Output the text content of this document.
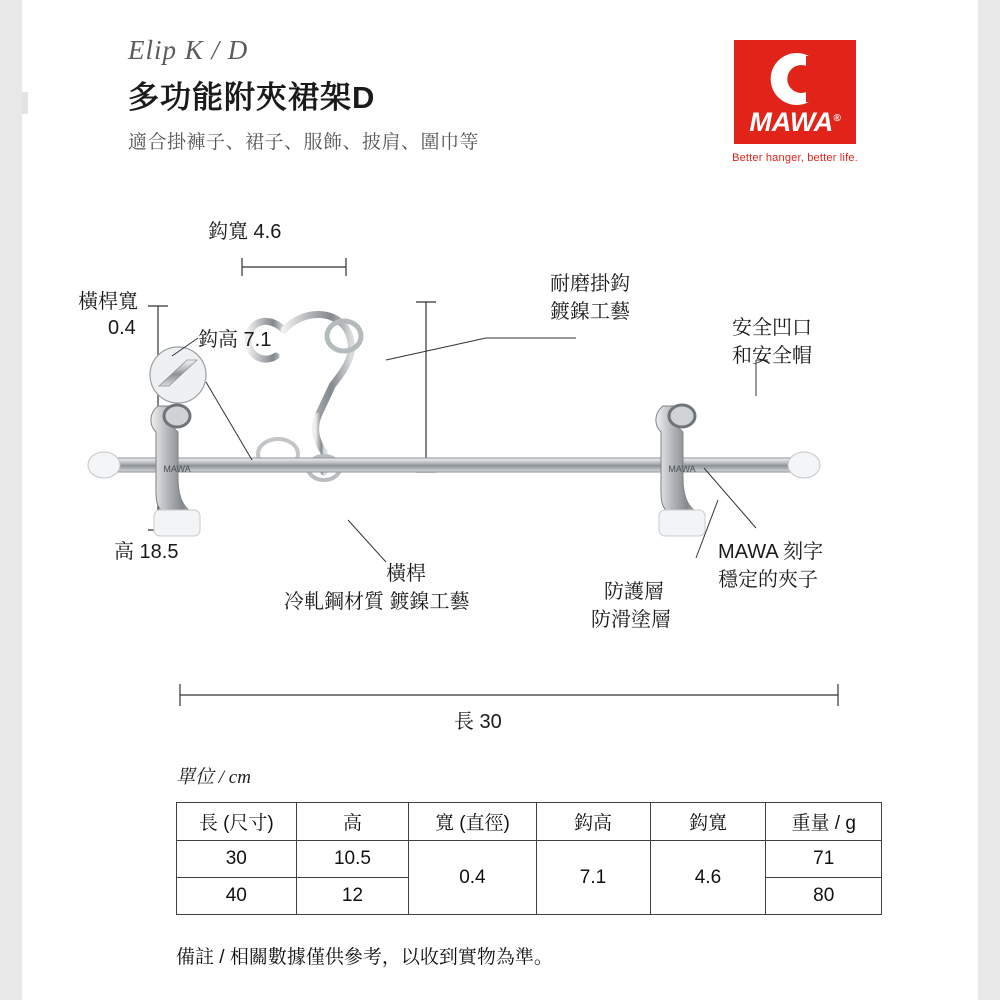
Elip K / D
多功能附夾裙架D
適合掛褲子、裙子、服飾、披肩、圍巾等
MAWA®
Better hanger, better life.
MAWA	MAWA
鈎寬 4.6
橫桿寬
0.4
鈎高 7.1
耐磨掛鈎
鍍鎳工藝
安全凹口
和安全帽
高 18.5
橫桿
冷軋鋼材質 鍍鎳工藝	防護層
防滑塗層
MAWA 刻字
穩定的夾子
長 30
單位 / cm
長 (尺寸)	高	寬 (直徑)	鈎高	鈎寬	重量 / g
30	10.5	0.4	7.1	4.6	71
40	12				80
備註 / 相關數據僅供參考，以收到實物為準。
